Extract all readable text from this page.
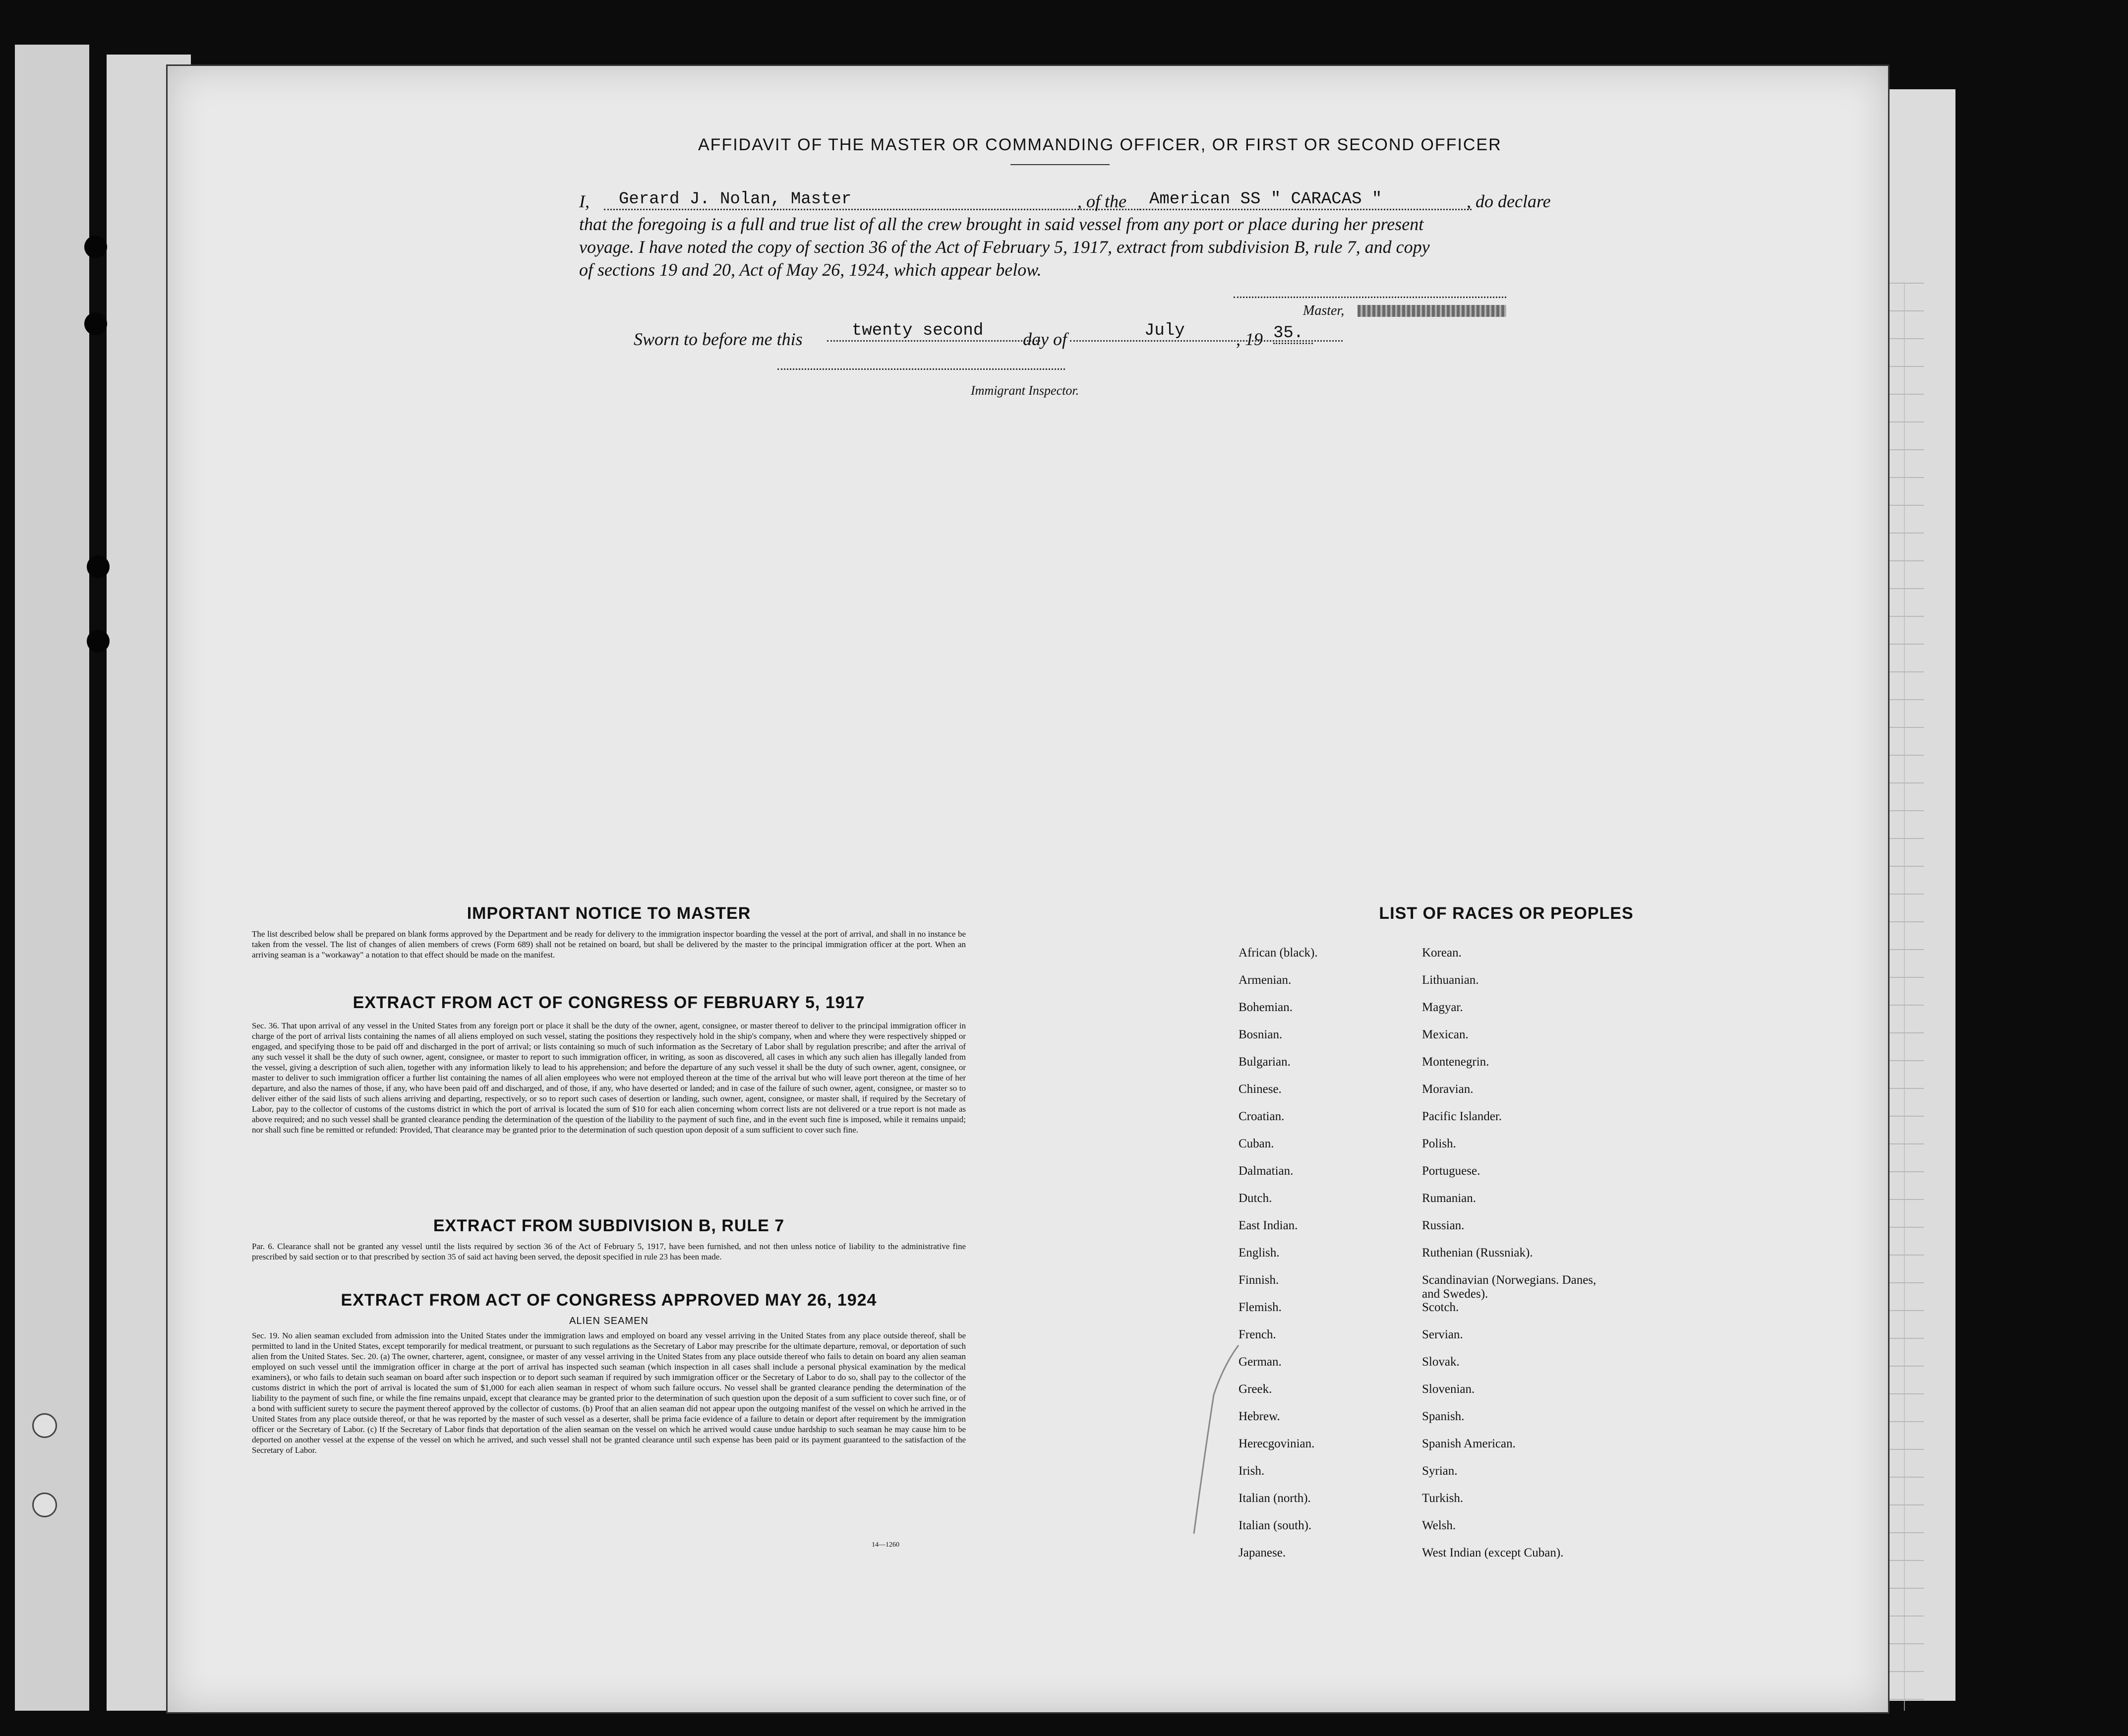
AFFIDAVIT OF THE MASTER OR COMMANDING OFFICER, OR FIRST OR SECOND OFFICER
I,	Gerard J. Nolan, Master	, of the	American SS " CARACAS "	, do declare
that the foregoing is a full and true list of all the crew brought in said vessel from any port or place during her present
voyage. I have noted the copy of section 36 of the Act of February 5, 1917, extract from subdivision B, rule 7, and copy
of sections 19 and 20, Act of May 26, 1924, which appear below.
Master,
Sworn to before me this	twenty second	day of	July	, 19 35.
Immigrant Inspector.
IMPORTANT NOTICE TO MASTER
The list described below shall be prepared on blank forms approved by the Department and be ready for delivery to the immigration inspector boarding the vessel at the port of arrival, and shall in no instance be taken from the vessel. The list of changes of alien members of crews (Form 689) shall not be retained on board, but shall be delivered by the master to the principal immigration officer at the port. When an arriving seaman is a "workaway" a notation to that effect should be made on the manifest.
EXTRACT FROM ACT OF CONGRESS OF FEBRUARY 5, 1917
Sec. 36. That upon arrival of any vessel in the United States from any foreign port or place it shall be the duty of the owner, agent, consignee, or master thereof to deliver to the principal immigration officer in charge of the port of arrival lists containing the names of all aliens employed on such vessel, stating the positions they respectively hold in the ship's company, when and where they were respectively shipped or engaged, and specifying those to be paid off and discharged in the port of arrival; or lists containing so much of such information as the Secretary of Labor shall by regulation prescribe; and after the arrival of any such vessel it shall be the duty of such owner, agent, consignee, or master to report to such immigration officer, in writing, as soon as discovered, all cases in which any such alien has illegally landed from the vessel, giving a description of such alien, together with any information likely to lead to his apprehension; and before the departure of any such vessel it shall be the duty of such owner, agent, consignee, or master to deliver to such immigration officer a further list containing the names of all alien employees who were not employed thereon at the time of the arrival but who will leave port thereon at the time of her departure, and also the names of those, if any, who have been paid off and discharged, and of those, if any, who have deserted or landed; and in case of the failure of such owner, agent, consignee, or master so to deliver either of the said lists of such aliens arriving and departing, respectively, or so to report such cases of desertion or landing, such owner, agent, consignee, or master shall, if required by the Secretary of Labor, pay to the collector of customs of the customs district in which the port of arrival is located the sum of $10 for each alien concerning whom correct lists are not delivered or a true report is not made as above required; and no such vessel shall be granted clearance pending the determination of the question of the liability to the payment of such fine, and in the event such fine is imposed, while it remains unpaid; nor shall such fine be remitted or refunded: Provided, That clearance may be granted prior to the determination of such question upon deposit of a sum sufficient to cover such fine.
EXTRACT FROM SUBDIVISION B, RULE 7
Par. 6. Clearance shall not be granted any vessel until the lists required by section 36 of the Act of February 5, 1917, have been furnished, and not then unless notice of liability to the administrative fine prescribed by said section or to that prescribed by section 35 of said act having been served, the deposit specified in rule 23 has been made.
EXTRACT FROM ACT OF CONGRESS APPROVED MAY 26, 1924
ALIEN SEAMEN
Sec. 19. No alien seaman excluded from admission into the United States under the immigration laws and employed on board any vessel arriving in the United States from any place outside thereof, shall be permitted to land in the United States, except temporarily for medical treatment, or pursuant to such regulations as the Secretary of Labor may prescribe for the ultimate departure, removal, or deportation of such alien from the United States. Sec. 20. (a) The owner, charterer, agent, consignee, or master of any vessel arriving in the United States from any place outside thereof who fails to detain on board any alien seaman employed on such vessel until the immigration officer in charge at the port of arrival has inspected such seaman (which inspection in all cases shall include a personal physical examination by the medical examiners), or who fails to detain such seaman on board after such inspection or to deport such seaman if required by such immigration officer or the Secretary of Labor to do so, shall pay to the collector of the customs district in which the port of arrival is located the sum of $1,000 for each alien seaman in respect of whom such failure occurs. No vessel shall be granted clearance pending the determination of the liability to the payment of such fine, or while the fine remains unpaid, except that clearance may be granted prior to the determination of such question upon the deposit of a sum sufficient to cover such fine, or of a bond with sufficient surety to secure the payment thereof approved by the collector of customs. (b) Proof that an alien seaman did not appear upon the outgoing manifest of the vessel on which he arrived in the United States from any place outside thereof, or that he was reported by the master of such vessel as a deserter, shall be prima facie evidence of a failure to detain or deport after requirement by the immigration officer or the Secretary of Labor. (c) If the Secretary of Labor finds that deportation of the alien seaman on the vessel on which he arrived would cause undue hardship to such seaman he may cause him to be deported on another vessel at the expense of the vessel on which he arrived, and such vessel shall not be granted clearance until such expense has been paid or its payment guaranteed to the satisfaction of the Secretary of Labor.
14—1260
LIST OF RACES OR PEOPLES
African (black).
Armenian.
Bohemian.
Bosnian.
Bulgarian.
Chinese.
Croatian.
Cuban.
Dalmatian.
Dutch.
East Indian.
English.
Finnish.
Flemish.
French.
German.
Greek.
Hebrew.
Herecgovinian.
Irish.
Italian (north).
Italian (south).
Japanese.
Korean.
Lithuanian.
Magyar.
Mexican.
Montenegrin.
Moravian.
Pacific Islander.
Polish.
Portuguese.
Rumanian.
Russian.
Ruthenian (Russniak).
Scandinavian (Norwegians. Danes, and Swedes).
Scotch.
Servian.
Slovak.
Slovenian.
Spanish.
Spanish American.
Syrian.
Turkish.
Welsh.
West Indian (except Cuban).
